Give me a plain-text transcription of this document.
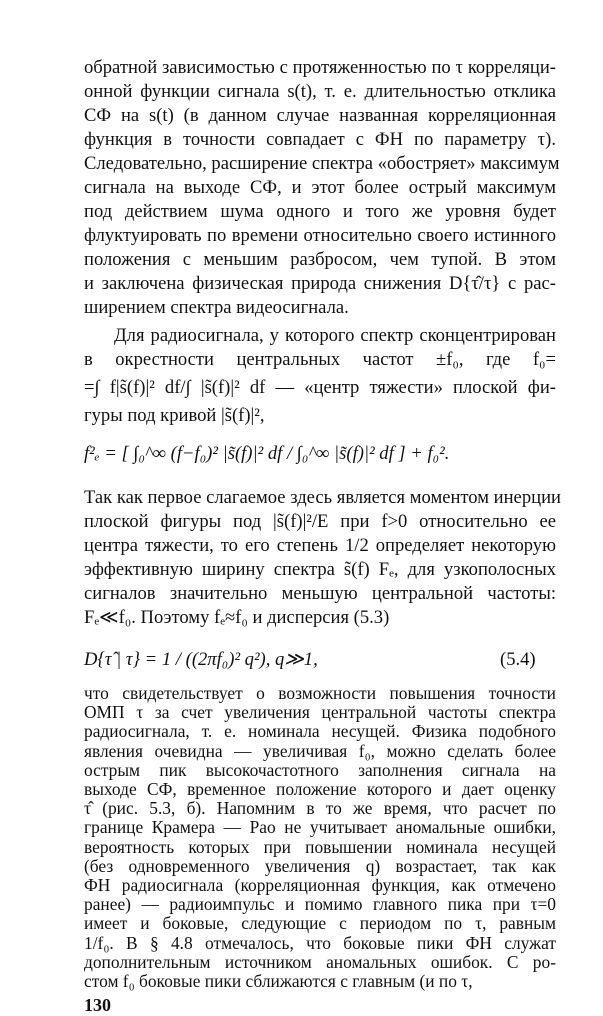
обратной зависимостью с протяженностью по τ корреляци-
онной функции сигнала s(t), т. е. длительностью отклика
СФ на s(t) (в данном случае названная корреляционная
функция в точности совпадает с ФН по параметру τ).
Следовательно, расширение спектра «обостряет» максимум
сигнала на выходе СФ, и этот более острый максимум
под действием шума одного и того же уровня будет
флуктуировать по времени относительно своего истинного
положения с меньшим разбросом, чем тупой. В этом
и заключена физическая природа снижения D{τ̂/τ} с рас-
ширением спектра видеосигнала.
Для радиосигнала, у которого спектр сконцентрирован
в окрестности центральных частот ±f₀, где f₀=
=∫ f|s̃(f)|² df/∫ |s̃(f)|² df — «центр тяжести» плоской фи-
гуры под кривой |s̃(f)|²,
f²ₑ = [ ∫₀^∞ (f−f₀)² |s̃(f)|² df / ∫₀^∞ |s̃(f)|² df ] + f₀².
Так как первое слагаемое здесь является моментом инерции
плоской фигуры под |s̃(f)|²/E при f>0 относительно ее
центра тяжести, то его степень 1/2 определяет некоторую
эффективную ширину спектра s̃(f) Fₑ, для узкополосных
сигналов значительно меньшую центральной частоты:
Fₑ≪f₀. Поэтому fₑ≈f₀ и дисперсия (5.3)
D{τ̂ | τ} = 1 / ((2πf₀)² q²), q≫1,	(5.4)
что свидетельствует о возможности повышения точности
ОМП τ за счет увеличения центральной частоты спектра
радиосигнала, т. е. номинала несущей. Физика подобного
явления очевидна — увеличивая f₀, можно сделать более
острым пик высокочастотного заполнения сигнала на
выходе СФ, временное положение которого и дает оценку
τ̂ (рис. 5.3, б). Напомним в то же время, что расчет по
границе Крамера — Рао не учитывает аномальные ошибки,
вероятность которых при повышении номинала несущей
(без одновременного увеличения q) возрастает, так как
ФН радиосигнала (корреляционная функция, как отмечено
ранее) — радиоимпульс и помимо главного пика при τ=0
имеет и боковые, следующие с периодом по τ, равным
1/f₀. В § 4.8 отмечалось, что боковые пики ФН служат
дополнительным источником аномальных ошибок. С ро-
стом f₀ боковые пики сближаются с главным (и по τ,
130
